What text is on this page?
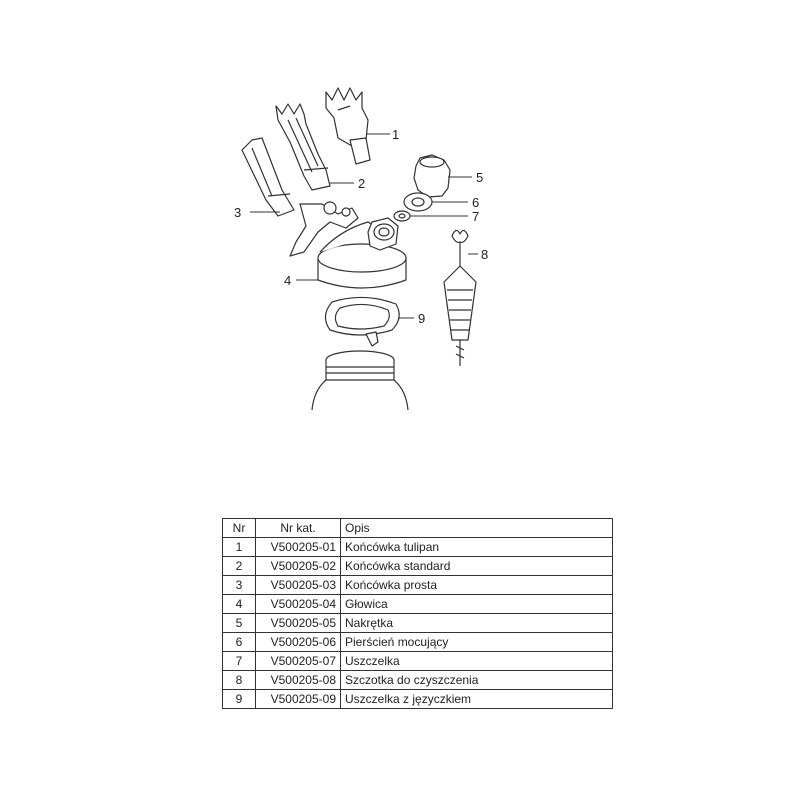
1
2
3
4
5
6
7
8
9
Nr	Nr kat.	Opis
1	V500205-01	Końcówka tulipan
2	V500205-02	Końcówka standard
3	V500205-03	Końcówka prosta
4	V500205-04	Głowica
5	V500205-05	Nakrętka
6	V500205-06	Pierścień mocujący
7	V500205-07	Uszczelka
8	V500205-08	Szczotka do czyszczenia
9	V500205-09	Uszczelka z języczkiem
